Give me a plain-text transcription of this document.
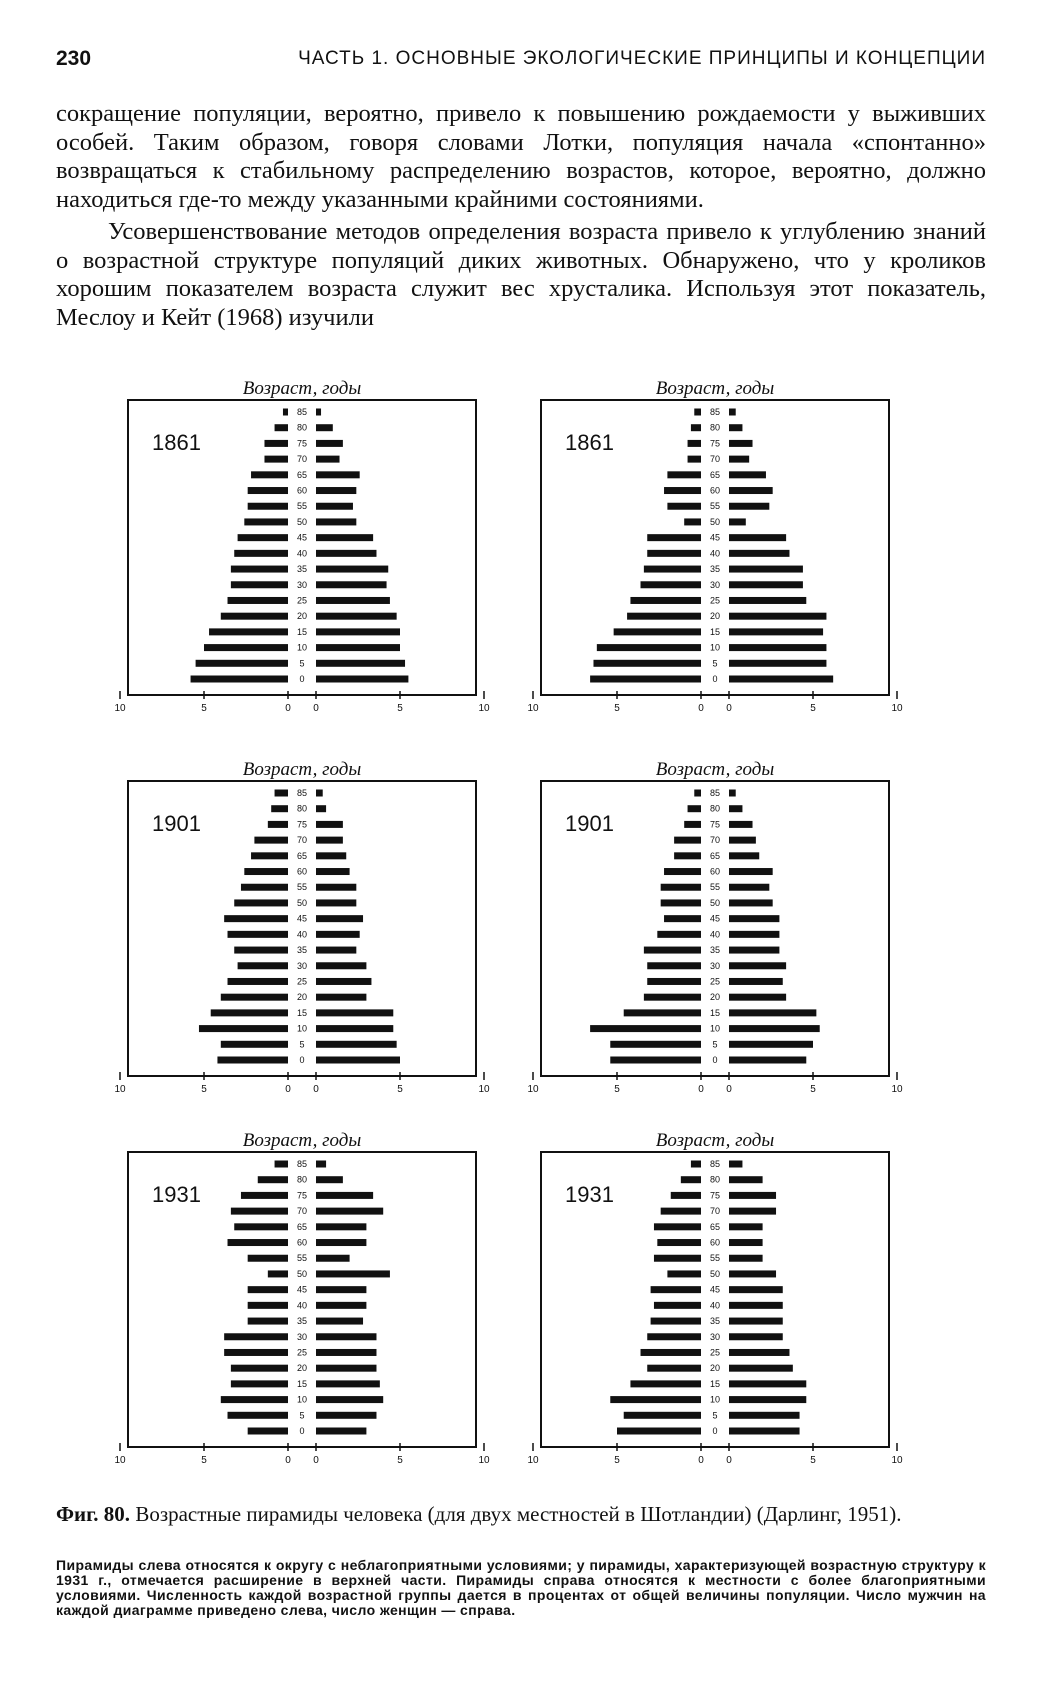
230	ЧАСТЬ 1. ОСНОВНЫЕ ЭКОЛОГИЧЕСКИЕ ПРИНЦИПЫ И КОНЦЕПЦИИ

сокращение популяции, вероятно, привело к повышению рождаемости у выживших особей. Таким образом, говоря словами Лотки, популяция начала «спонтанно» возвращаться к стабильному распределению возрастов, которое, вероятно, должно находиться где-то между указанными крайними состояниями.

Усовершенствование методов определения возраста привело к углублению знаний о возрастной структуре популяций диких животных. Обнаружено, что у кроликов хорошим показателем возраста служит вес хрусталика. Используя этот показатель, Меслоу и Кейт (1968) изучили

Возраст, годы
1861
0
5
10
15
20
25
30
35
40
45
50
55
60
65
70
75
80
85
10	5	0 0	5	10
Возраст, годы
1861
0
5
10
15
20
25
30
35
40
45
50
55
60
65
70
75
80
85
10	5	0 0	5	10
Возраст, годы
1901
0
5
10
15
20
25
30
35
40
45
50
55
60
65
70
75
80
85
10	5	0 0	5	10
Возраст, годы
1901
0
5
10
15
20
25
30
35
40
45
50
55
60
65
70
75
80
85
10	5	0 0	5	10
Возраст, годы
1931
0
5
10
15
20
25
30
35
40
45
50
55
60
65
70
75
80
85
10	5	0 0	5	10
Возраст, годы
1931
0
5
10
15
20
25
30
35
40
45
50
55
60
65
70
75
80
85
10	5	0 0	5	10
Фиг. 80. Возрастные пирамиды человека (для двух местностей в Шотландии) (Дарлинг, 1951).
Пирамиды слева относятся к округу с неблагоприятными условиями; у пирамиды, характеризующей возрастную структуру к 1931 г., отмечается расширение в верхней части. Пирамиды справа относятся к местности с более благоприятными условиями. Численность каждой возрастной группы дается в процентах от общей величины популяции. Число мужчин на каждой диаграмме приведено слева, число женщин — справа.
